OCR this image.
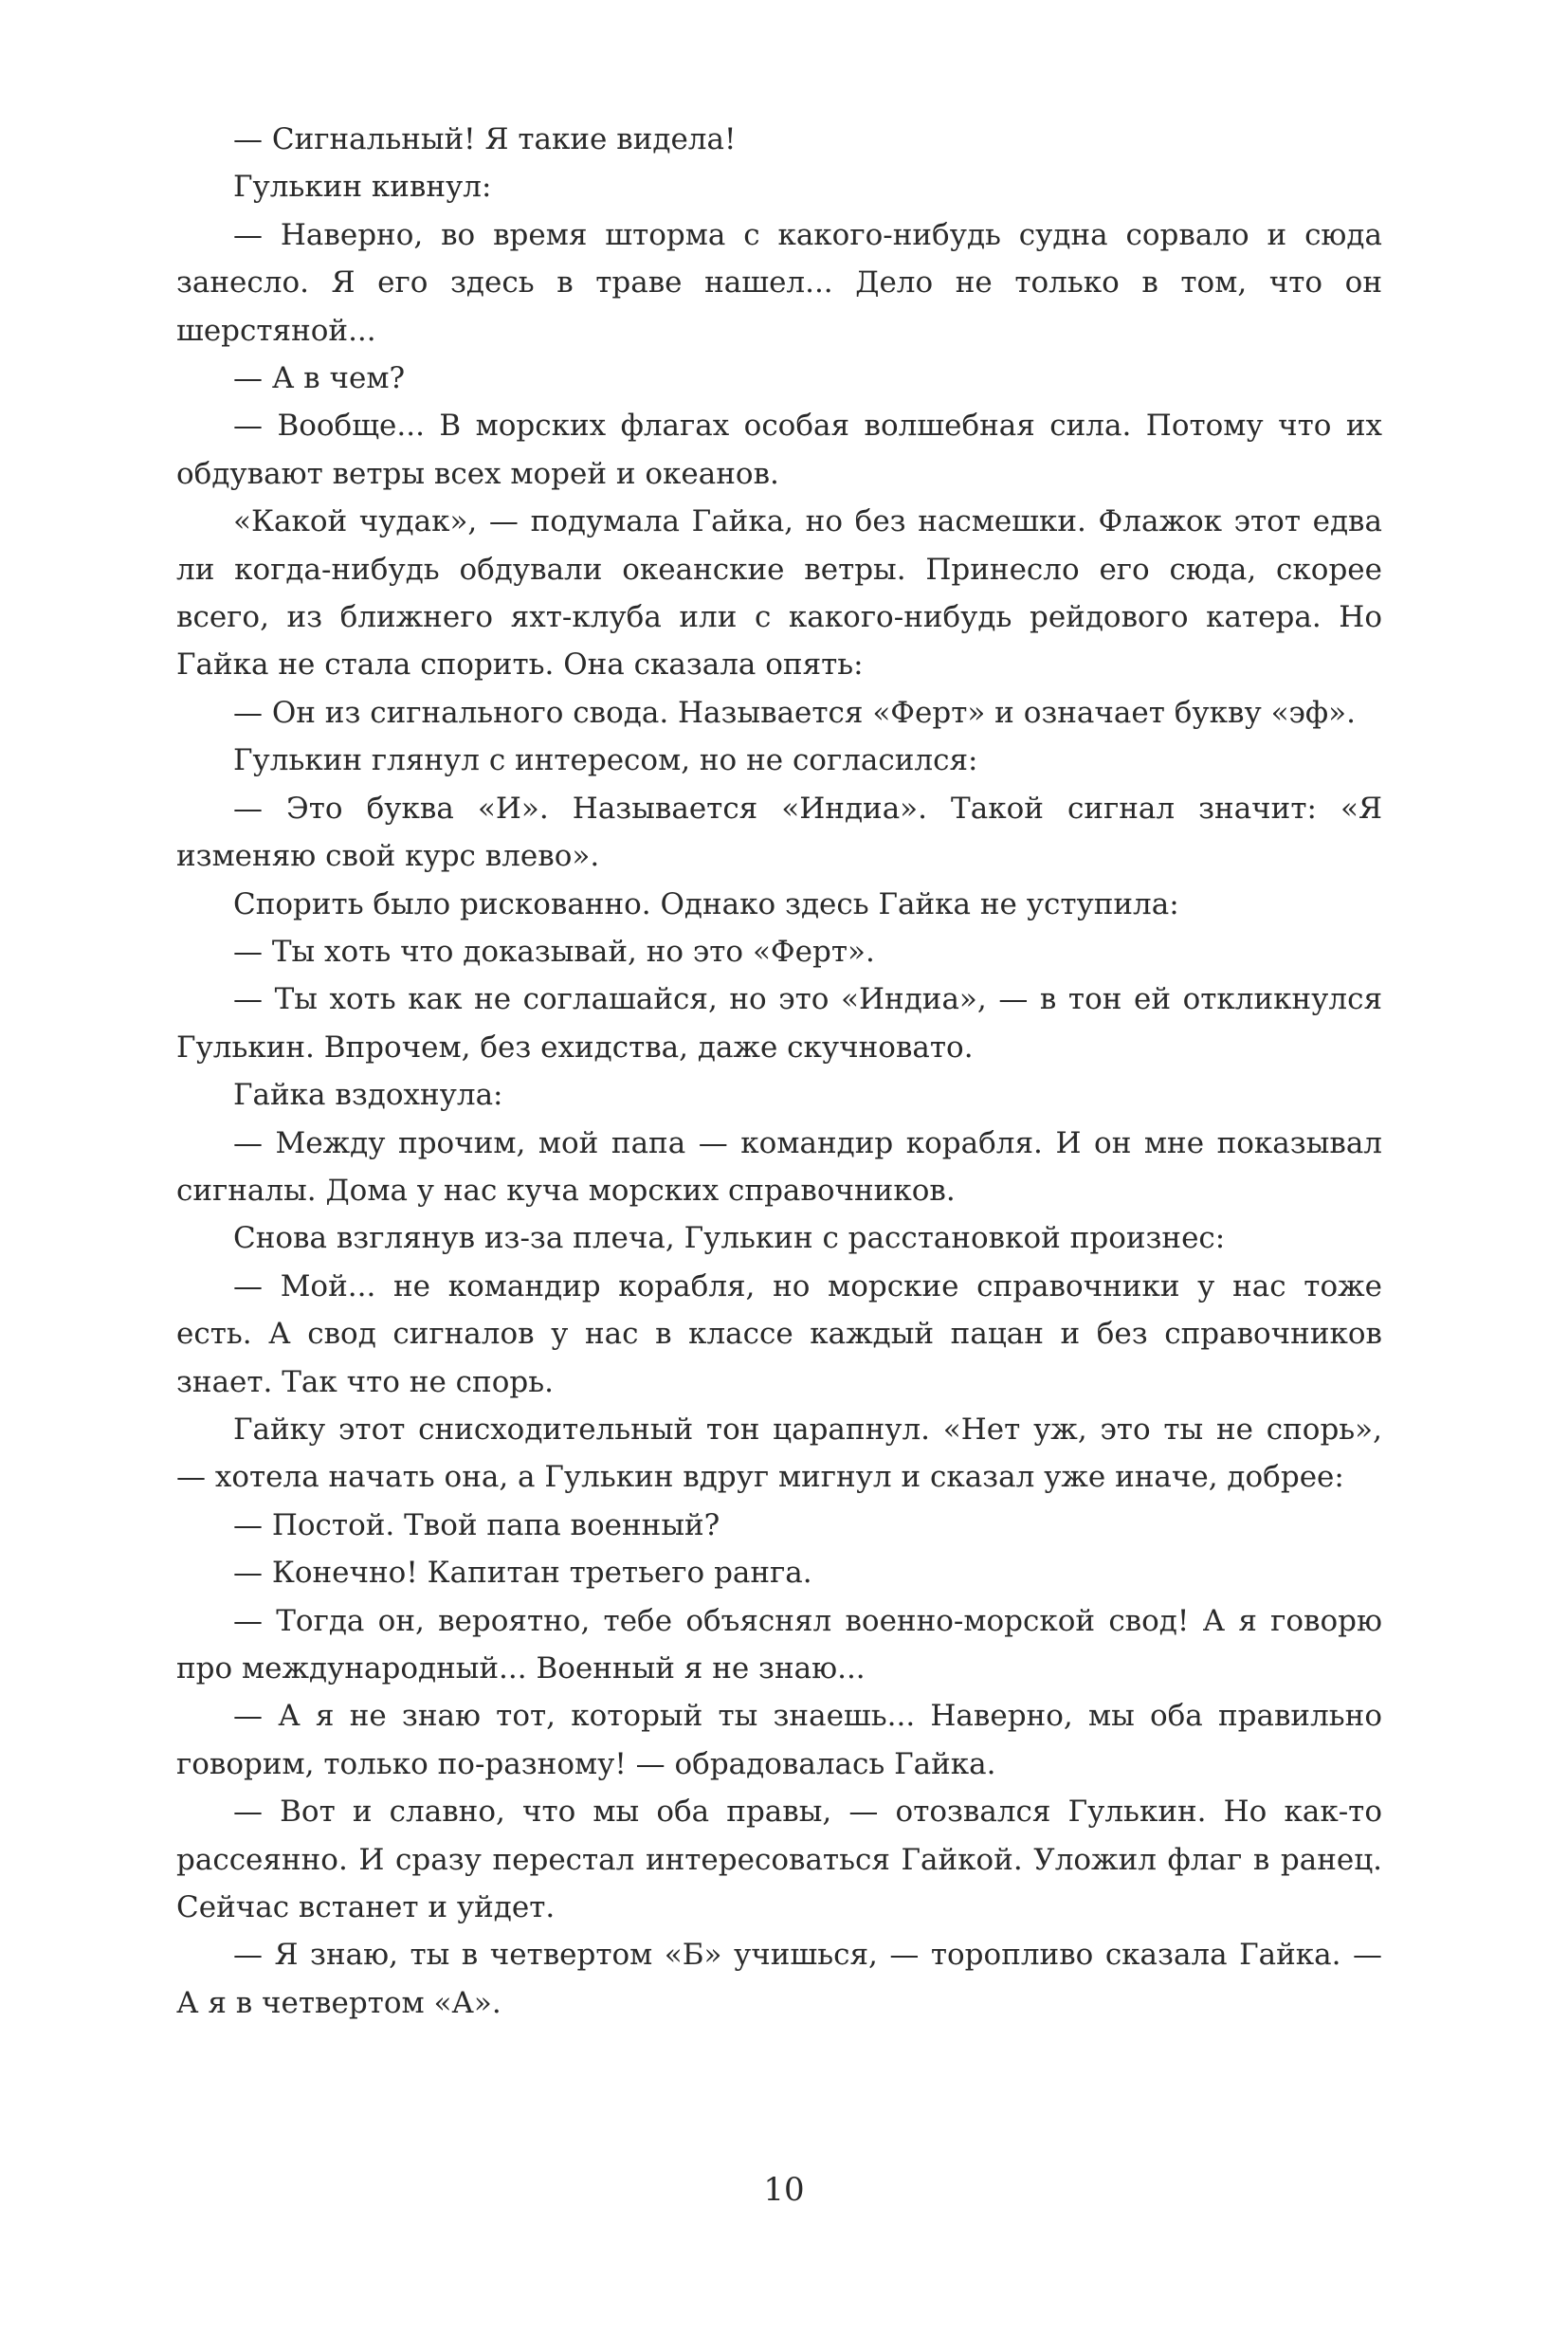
— Сигнальный! Я такие видела!

Гулькин кивнул:

— Наверно, во время шторма с какого-нибудь судна сорвало и сюда занесло. Я его здесь в траве нашел... Дело не только в том, что он шерстяной...

— А в чем?

— Вообще... В морских флагах особая волшебная сила. Потому что их обдувают ветры всех морей и океанов.

«Какой чудак», — подумала Гайка, но без насмешки. Флажок этот едва ли когда-нибудь обдували океанские ветры. Принесло его сюда, скорее всего, из ближнего яхт-клуба или с какого-нибудь рейдового катера. Но Гайка не стала спорить. Она сказала опять:

— Он из сигнального свода. Называется «Ферт» и означает букву «эф».

Гулькин глянул с интересом, но не согласился:

— Это буква «И». Называется «Индиа». Такой сигнал значит: «Я изменяю свой курс влево».

Спорить было рискованно. Однако здесь Гайка не уступила:

— Ты хоть что доказывай, но это «Ферт».

— Ты хоть как не соглашайся, но это «Индиа», — в тон ей откликнулся Гулькин. Впрочем, без ехидства, даже скучновато.

Гайка вздохнула:

— Между прочим, мой папа — командир корабля. И он мне показывал сигналы. Дома у нас куча морских справочников.

Снова взглянув из-за плеча, Гулькин с расстановкой произнес:

— Мой... не командир корабля, но морские справочники у нас тоже есть. А свод сигналов у нас в классе каждый пацан и без справочников знает. Так что не спорь.

Гайку этот снисходительный тон царапнул. «Нет уж, это ты не спорь», — хотела начать она, а Гулькин вдруг мигнул и сказал уже иначе, добрее:

— Постой. Твой папа военный?

— Конечно! Капитан третьего ранга.

— Тогда он, вероятно, тебе объяснял военно-морской свод! А я говорю про международный... Военный я не знаю...

— А я не знаю тот, который ты знаешь... Наверно, мы оба правильно говорим, только по-разному! — обрадовалась Гайка.

— Вот и славно, что мы оба правы, — отозвался Гулькин. Но как-то рассеянно. И сразу перестал интересоваться Гайкой. Уложил флаг в ранец. Сейчас встанет и уйдет.

— Я знаю, ты в четвертом «Б» учишься, — торопливо сказала Гайка. — А я в четвертом «А».

10
